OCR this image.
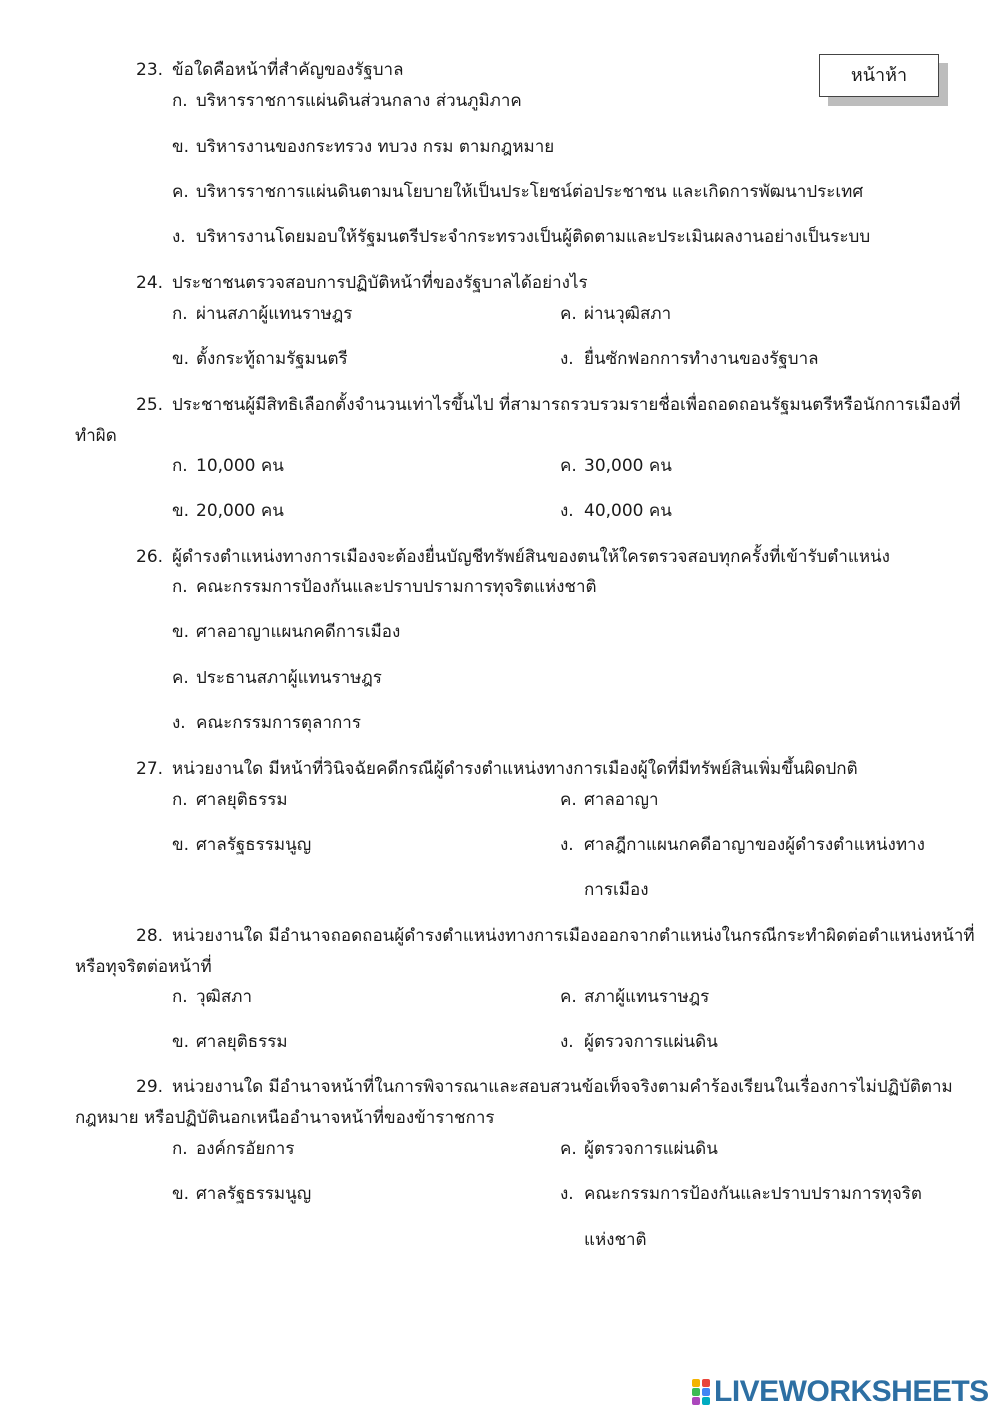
หน้าห้า
23. ข้อใดคือหน้าที่สำคัญของรัฐบาล
ก. บริหารราชการแผ่นดินส่วนกลาง ส่วนภูมิภาค
ข. บริหารงานของกระทรวง ทบวง กรม ตามกฎหมาย
ค. บริหารราชการแผ่นดินตามนโยบายให้เป็นประโยชน์ต่อประชาชน และเกิดการพัฒนาประเทศ
ง. บริหารงานโดยมอบให้รัฐมนตรีประจำกระทรวงเป็นผู้ติดตามและประเมินผลงานอย่างเป็นระบบ
24. ประชาชนตรวจสอบการปฏิบัติหน้าที่ของรัฐบาลได้อย่างไร
ก. ผ่านสภาผู้แทนราษฎร	ค. ผ่านวุฒิสภา
ข. ตั้งกระทู้ถามรัฐมนตรี	ง. ยื่นซักฟอกการทำงานของรัฐบาล
25. ประชาชนผู้มีสิทธิเลือกตั้งจำนวนเท่าไรขึ้นไป ที่สามารถรวบรวมรายชื่อเพื่อถอดถอนรัฐมนตรีหรือนักการเมืองที่
ทำผิด
ก. 10,000 คน	ค. 30,000 คน
ข. 20,000 คน	ง. 40,000 คน
26. ผู้ดำรงตำแหน่งทางการเมืองจะต้องยื่นบัญชีทรัพย์สินของตนให้ใครตรวจสอบทุกครั้งที่เข้ารับตำแหน่ง
ก. คณะกรรมการป้องกันและปราบปรามการทุจริตแห่งชาติ
ข. ศาลอาญาแผนกคดีการเมือง
ค. ประธานสภาผู้แทนราษฎร
ง. คณะกรรมการตุลาการ
27. หน่วยงานใด มีหน้าที่วินิจฉัยคดีกรณีผู้ดำรงตำแหน่งทางการเมืองผู้ใดที่มีทรัพย์สินเพิ่มขึ้นผิดปกติ
ก. ศาลยุติธรรม	ค. ศาลอาญา
ข. ศาลรัฐธรรมนูญ	ง. ศาลฎีกาแผนกคดีอาญาของผู้ดำรงตำแหน่งทาง
การเมือง
28. หน่วยงานใด มีอำนาจถอดถอนผู้ดำรงตำแหน่งทางการเมืองออกจากตำแหน่งในกรณีกระทำผิดต่อตำแหน่งหน้าที่
หรือทุจริตต่อหน้าที่
ก. วุฒิสภา	ค. สภาผู้แทนราษฎร
ข. ศาลยุติธรรม	ง. ผู้ตรวจการแผ่นดิน
29. หน่วยงานใด มีอำนาจหน้าที่ในการพิจารณาและสอบสวนข้อเท็จจริงตามคำร้องเรียนในเรื่องการไม่ปฏิบัติตาม
กฎหมาย หรือปฏิบัตินอกเหนืออำนาจหน้าที่ของข้าราชการ
ก. องค์กรอัยการ	ค. ผู้ตรวจการแผ่นดิน
ข. ศาลรัฐธรรมนูญ	ง. คณะกรรมการป้องกันและปราบปรามการทุจริต
แห่งชาติ
LIVEWORKSHEETS
